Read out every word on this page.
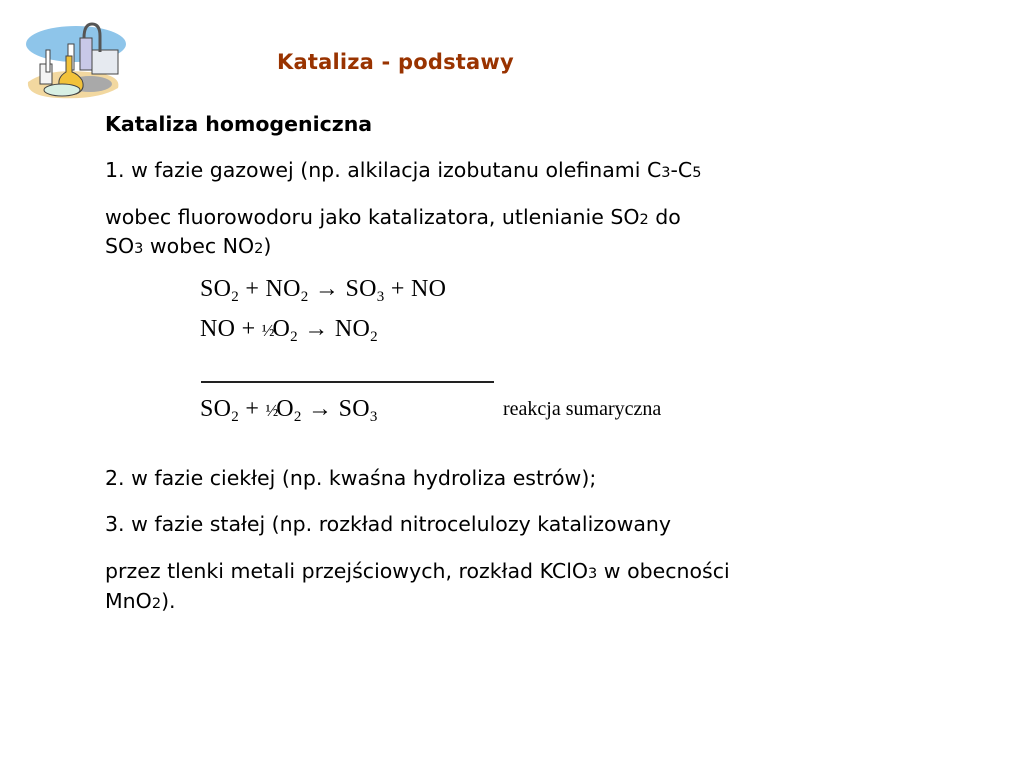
Kataliza - podstawy
Kataliza homogeniczna
1. w fazie gazowej (np. alkilacja izobutanu olefinami C3-C5
wobec fluorowodoru jako katalizatora, utlenianie SO2 do
SO3 wobec NO2)
$SO_2 + NO_2 \to SO_3$ + NO
NO + $\frac{1}{2}O_2 \to NO_2$
$SO_2$ + $\frac{1}{2}O_2 \to SO_3$	reakcja sumaryczna
2. w fazie ciekłej (np. kwaśna hydroliza estrów);
3. w fazie stałej (np. rozkład nitrocelulozy katalizowany
przez tlenki metali przejściowych, rozkład KClO3 w obecności
MnO2).
